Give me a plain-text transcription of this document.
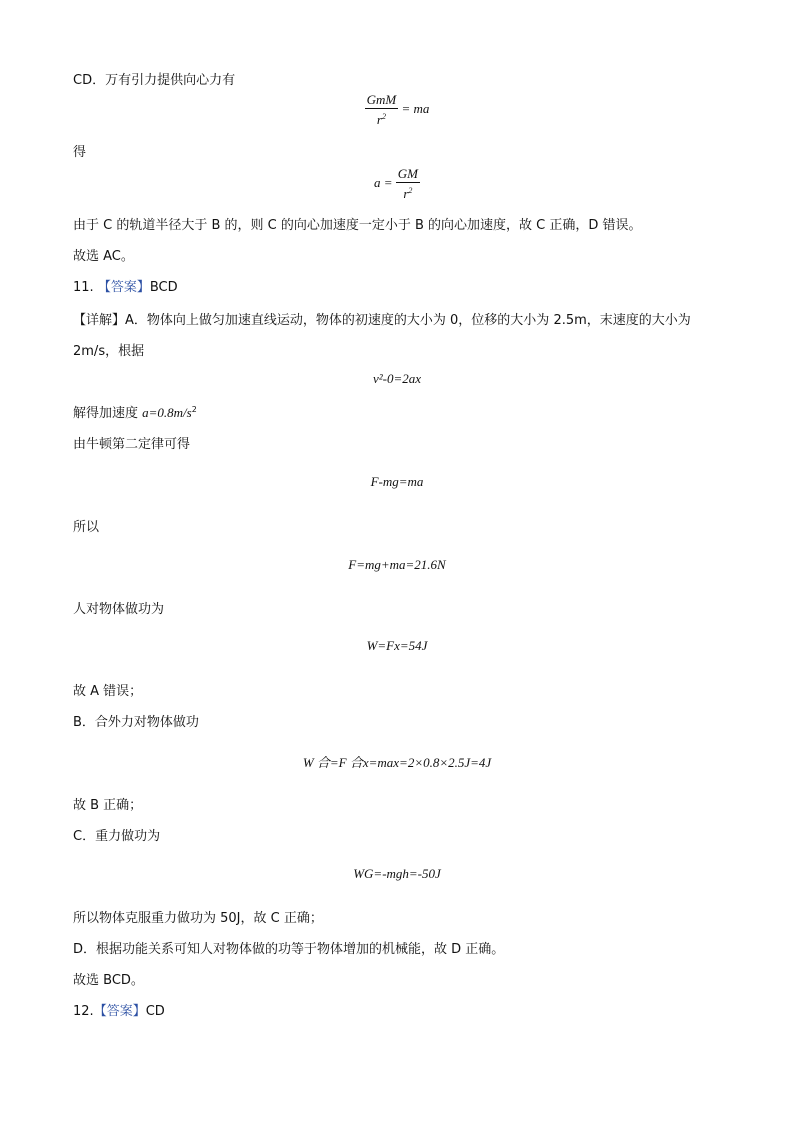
CD．万有引力提供向心力有
$\frac{\text{GmM}}{r^2}$ = ma
得
$a = \frac{GM}{r^2}$
由于 C 的轨道半径大于 B 的，则 C 的向心加速度一定小于 B 的向心加速度，故 C 正确，D 错误。
故选 AC。
11. 【答案】BCD
【详解】A．物体向上做匀加速直线运动，物体的初速度的大小为 0，位移的大小为 2.5m，末速度的大小为
2m/s，根据
v²-0=2ax
解得加速度 $a=0.8m/s^2$
由牛顿第二定律可得
F-mg=ma
所以
F=mg+ma=21.6N
人对物体做功为
W=Fx=54J
故 A 错误；
B．合外力对物体做功
W 合=F 合x=max=2×0.8×2.5J=4J
故 B 正确；
C．重力做功为
WG=-mgh=-50J
所以物体克服重力做功为 50J，故 C 正确；
D．根据功能关系可知人对物体做的功等于物体增加的机械能，故 D 正确。
故选 BCD。
12.【答案】CD
